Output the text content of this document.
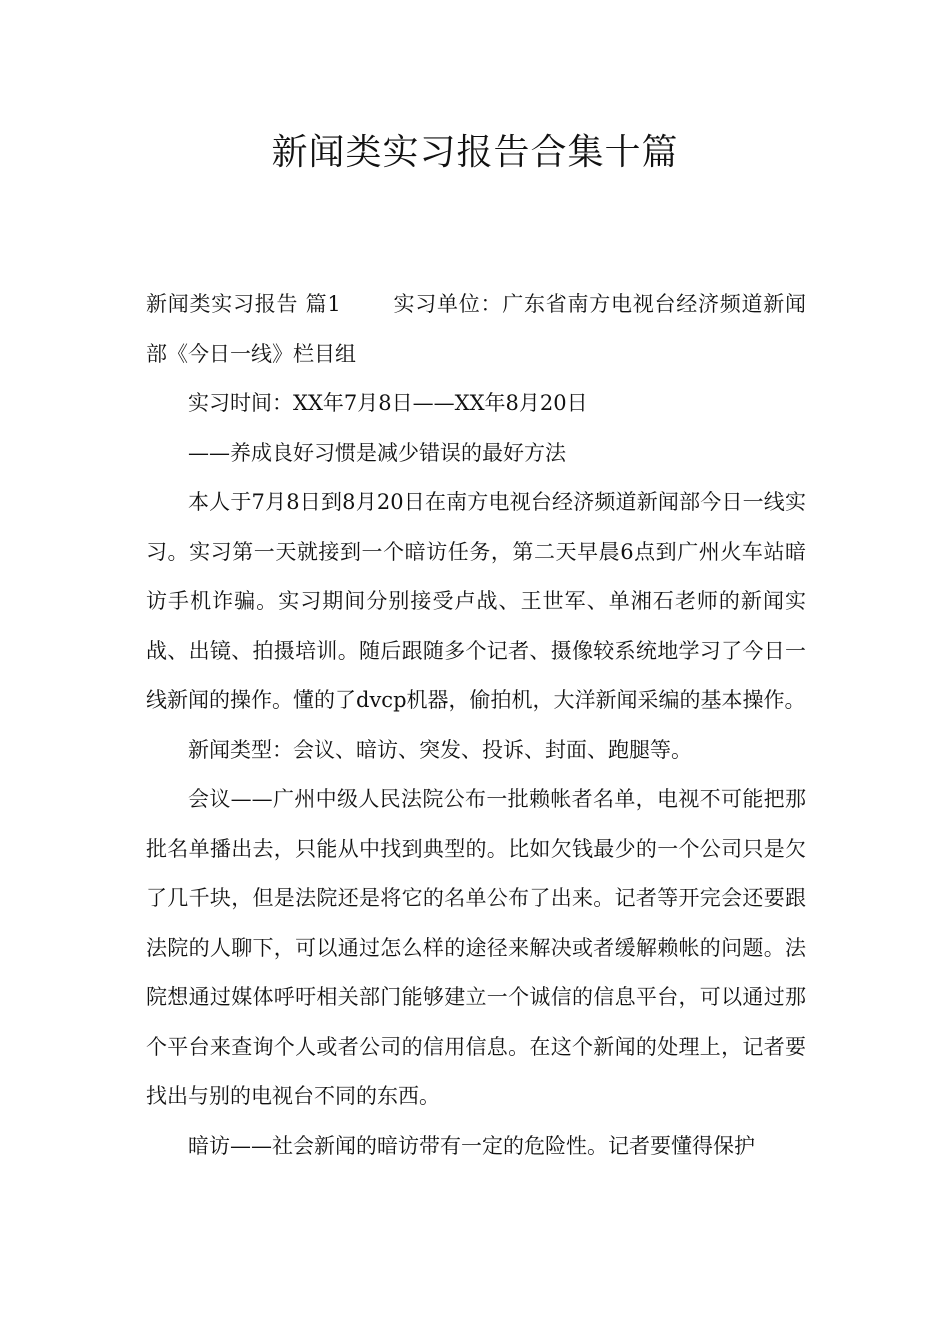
新闻类实习报告合集十篇

新闻类实习报告 篇1 实习单位：广东省南方电视台经济频道新闻部《今日一线》栏目组

实习时间：XX年7月8日——XX年8月20日

——养成良好习惯是减少错误的最好方法

本人于7月8日到8月20日在南方电视台经济频道新闻部今日一线实习。实习第一天就接到一个暗访任务，第二天早晨6点到广州火车站暗访手机诈骗。实习期间分别接受卢战、王世军、单湘石老师的新闻实战、出镜、拍摄培训。随后跟随多个记者、摄像较系统地学习了今日一线新闻的操作。懂的了dvcp机器，偷拍机，大洋新闻采编的基本操作。

新闻类型：会议、暗访、突发、投诉、封面、跑腿等。

会议——广州中级人民法院公布一批赖帐者名单，电视不可能把那批名单播出去，只能从中找到典型的。比如欠钱最少的一个公司只是欠了几千块，但是法院还是将它的名单公布了出来。记者等开完会还要跟法院的人聊下，可以通过怎么样的途径来解决或者缓解赖帐的问题。法院想通过媒体呼吁相关部门能够建立一个诚信的信息平台，可以通过那个平台来查询个人或者公司的信用信息。在这个新闻的处理上，记者要找出与别的电视台不同的东西。

暗访——社会新闻的暗访带有一定的危险性。记者要懂得保护
